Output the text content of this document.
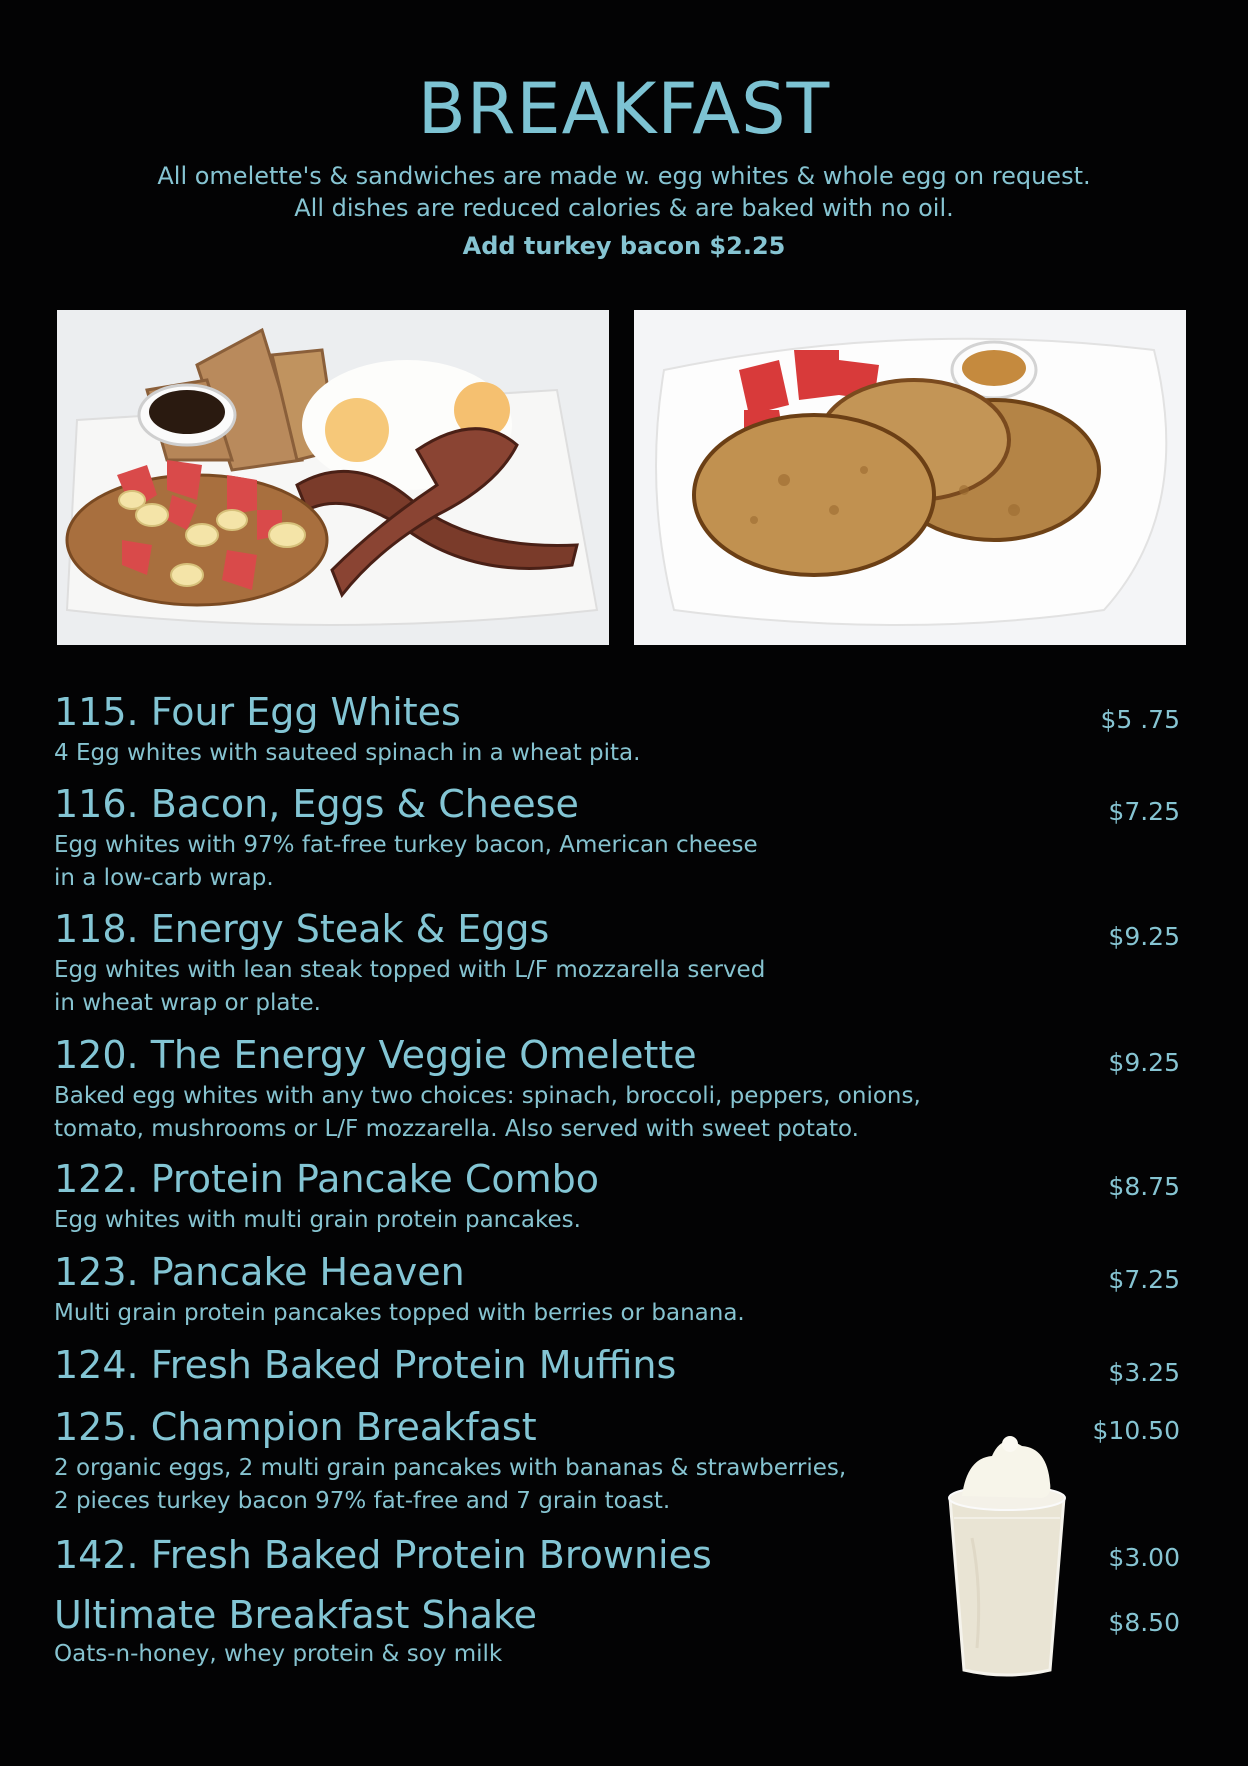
BREAKFAST
All omelette's & sandwiches are made w. egg whites & whole egg on request.
All dishes are reduced calories & are baked with no oil.
Add turkey bacon $2.25
115. Four Egg Whites	$5 .75
4 Egg whites with sauteed spinach in a wheat pita.
116. Bacon, Eggs & Cheese	$7.25
Egg whites with 97% fat-free turkey bacon, American cheese
in a low-carb wrap.
118. Energy Steak & Eggs	$9.25
Egg whites with lean steak topped with L/F mozzarella served
in wheat wrap or plate.
120. The Energy Veggie Omelette	$9.25
Baked egg whites with any two choices: spinach, broccoli, peppers, onions,
tomato, mushrooms or L/F mozzarella. Also served with sweet potato.
122. Protein Pancake Combo	$8.75
Egg whites with multi grain protein pancakes.
123. Pancake Heaven	$7.25
Multi grain protein pancakes topped with berries or banana.
124. Fresh Baked Protein Muffins	$3.25
125. Champion Breakfast	$10.50
2 organic eggs, 2 multi grain pancakes with bananas & strawberries,
2 pieces turkey bacon 97% fat-free and 7 grain toast.
142. Fresh Baked Protein Brownies	$3.00
Ultimate Breakfast Shake	$8.50
Oats-n-honey, whey protein & soy milk
